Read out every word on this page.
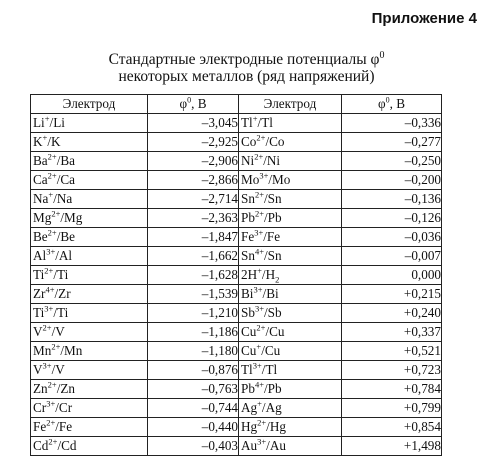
Приложение 4
Стандартные электродные потенциалы $\varphi^0$
некоторых металлов (ряд напряжений)
Электрод	$\varphi^0$, В	Электрод	$\varphi^0$, В
Li+/Li	–3,045	Tl+/Tl	–0,336
K+/K	–2,925	$Co^{2+}/Co$	–0,277
$Ba^{2+}/Ba$	–2,906	$Ni^{2+}/Ni$	–0,250
$Ca^{2+}/Ca$	–2,866	$Mo^{3+}/Mo$	–0,200
Na+/Na	–2,714	$Sn^{2+}/Sn$	–0,136
$Mg^{2+}/Mg$	–2,363	$Pb^{2+}/Pb$	–0,126
$Be^{2+}/Be$	–1,847	$Fe^{3+}/Fe$	–0,036
$Al^{3+}/Al$	–1,662	$Sn^{4+}/Sn$	–0,007
$Ti^{2+}/Ti$	–1,628	$2H^+/H_2$	0,000
$Zr^{4+}/Zr$	–1,539	$Bi^{3+}/Bi$	+0,215
$Ti^{3+}/Ti$	–1,210	$Sb^{3+}/Sb$	+0,240
$V^{2+}/V$	–1,186	$Cu^{2+}/Cu$	+0,337
$Mn^{2+}/Mn$	–1,180	Cu+/Cu	+0,521
$V^{3+}/V$	–0,876	$Tl^{3+}/Tl$	+0,723
$Zn^{2+}/Zn$	–0,763	$Pb^{4+}/Pb$	+0,784
$Cr^{3+}/Cr$	–0,744	Ag+/Ag	+0,799
$Fe^{2+}/Fe$	–0,440	$Hg^{2+}/Hg$	+0,854
$Cd^{2+}/Cd$	–0,403	$Au^{3+}/Au$	+1,498
